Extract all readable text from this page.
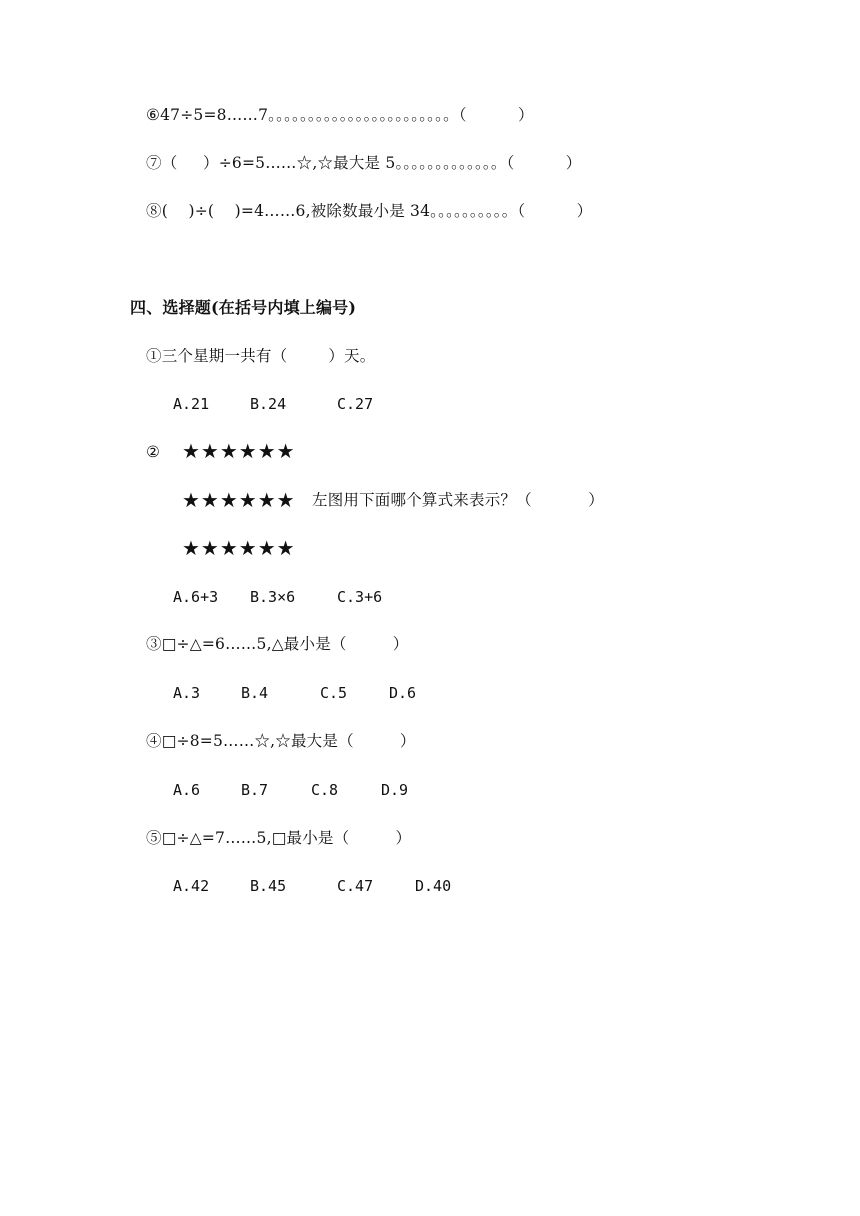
⑥47÷5=8……7。。。。。。。。。。。。。。。。。。。。。。。（          ）
⑦（     ）÷6=5……☆,☆最大是 5。。。。。。。。。。。。。（          ）
⑧(    )÷(    )=4……6,被除数最小是 34。。。。。。。。。。（          ）
四、选择题(在括号内填上编号)
①三个星期一共有（        ）天。
A.21	B.24	C.27
② ★★★★★★
★★★★★★ 左图用下面哪个算式来表示？（           ）
★★★★★★
A.6+3 B.3×6	C.3+6
③□÷△=6……5,△最小是（         ）
A.3	B.4	C.5	D.6
④□÷8=5……☆,☆最大是（         ）
A.6	B.7	C.8	D.9
⑤□÷△=7……5,□最小是（         ）
A.42	B.45	C.47	D.40
